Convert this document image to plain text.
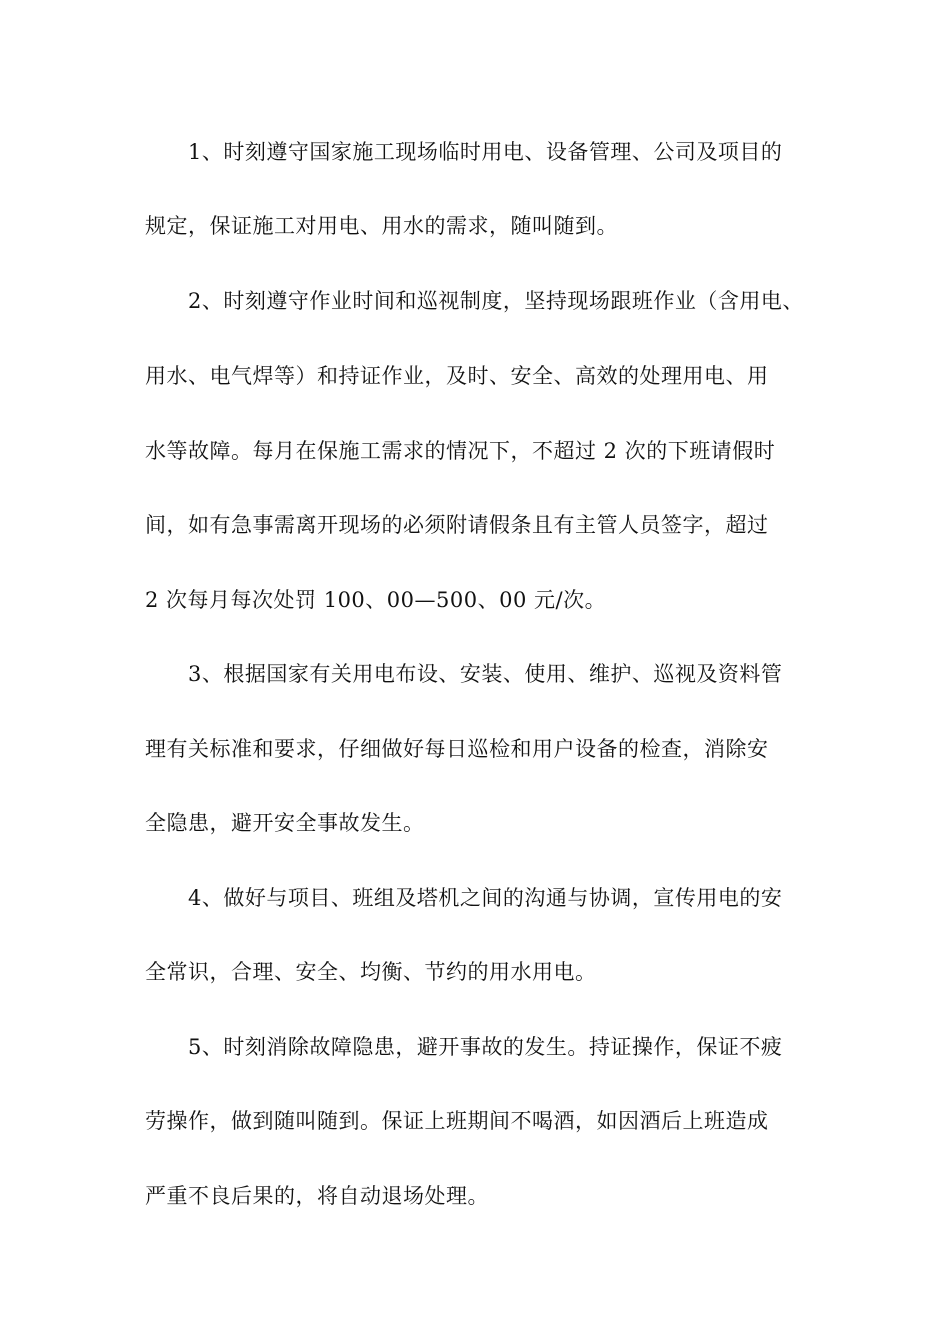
1、时刻遵守国家施工现场临时用电、设备管理、公司及项目的

规定，保证施工对用电、用水的需求，随叫随到。

2、时刻遵守作业时间和巡视制度，坚持现场跟班作业（含用电、

用水、电气焊等）和持证作业，及时、安全、高效的处理用电、用

水等故障。每月在保施工需求的情况下，不超过 2 次的下班请假时

间，如有急事需离开现场的必须附请假条且有主管人员签字，超过

2 次每月每次处罚 100、00—500、00 元/次。

3、根据国家有关用电布设、安装、使用、维护、巡视及资料管

理有关标准和要求，仔细做好每日巡检和用户设备的检查，消除安

全隐患，避开安全事故发生。

4、做好与项目、班组及塔机之间的沟通与协调，宣传用电的安

全常识，合理、安全、均衡、节约的用水用电。

5、时刻消除故障隐患，避开事故的发生。持证操作，保证不疲

劳操作，做到随叫随到。保证上班期间不喝酒，如因酒后上班造成

严重不良后果的，将自动退场处理。
